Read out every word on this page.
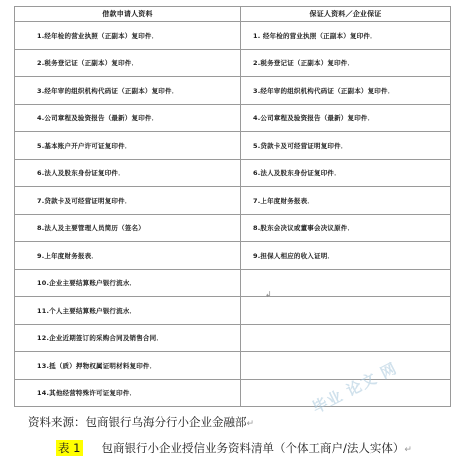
借款申请人资料	保证人资料／企业保证
1.经年检的营业执照（正副本）复印件．	1. 经年检的营业执照（正副本）复印件．
2.税务登记证（正副本）复印件．	2.税务登记证（正副本）复印件．
3.经年审的组织机构代码证（正副本）复印件．	3.经年审的组织机构代码证（正副本）复印件．
4.公司章程及验资报告（最新）复印件．	4.公司章程及验资报告（最新）复印件．
5.基本账户开户许可证复印件．	5.贷款卡及可经营证明复印件．
6.法人及股东身份证复印件．	6.法人及股东身份证复印件．
7.贷款卡及可经营证明复印件．	7.上年度财务报表．
8.法人及主要管理人员简历（签名）	8.股东会决议或董事会决议原件．
9.上年度财务报表．	9.担保人相应的收入证明．
10.企业主要结算账户银行流水．	
11.个人主要结算账户银行流水．	
12.企业近期签订的采购合同及销售合同．	
13.抵（质）押物权属证明材料复印件．	
14.其他经营特殊许可证复印件．	
↲
资料来源：包商银行乌海分行小企业金融部↵
表 1 包商银行小企业授信业务资料清单（个体工商户/法人实体）↵
毕业 论文 网
